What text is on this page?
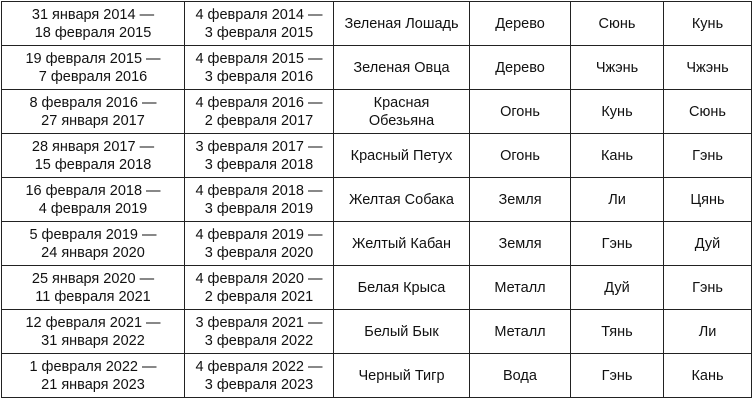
31 января 2014 —
18 февраля 2015	4 февраля 2014 —
3 февраля 2015	Зеленая Лошадь	Дерево	Сюнь	Кунь

19 февраля 2015 —
7 февраля 2016	4 февраля 2015 —
3 февраля 2016	Зеленая Овца	Дерево	Чжэнь	Чжэнь

8 февраля 2016 —
27 января 2017	4 февраля 2016 —
2 февраля 2017	Красная
Обезьяна	Огонь	Кунь	Сюнь

28 января 2017 —
15 февраля 2018	3 февраля 2017 —
3 февраля 2018	Красный Петух	Огонь	Кань	Гэнь

16 февраля 2018 —
4 февраля 2019	4 февраля 2018 —
3 февраля 2019	Желтая Собака	Земля	Ли	Цянь

5 февраля 2019 —
24 января 2020	4 февраля 2019 —
3 февраля 2020	Желтый Кабан	Земля	Гэнь	Дуй

25 января 2020 —
11 февраля 2021	4 февраля 2020 —
2 февраля 2021	Белая Крыса	Металл	Дуй	Гэнь

12 февраля 2021 —
31 января 2022	3 февраля 2021 —
3 февраля 2022	Белый Бык	Металл	Тянь	Ли

1 февраля 2022 —
21 января 2023	4 февраля 2022 —
3 февраля 2023	Черный Тигр	Вода	Гэнь	Кань
